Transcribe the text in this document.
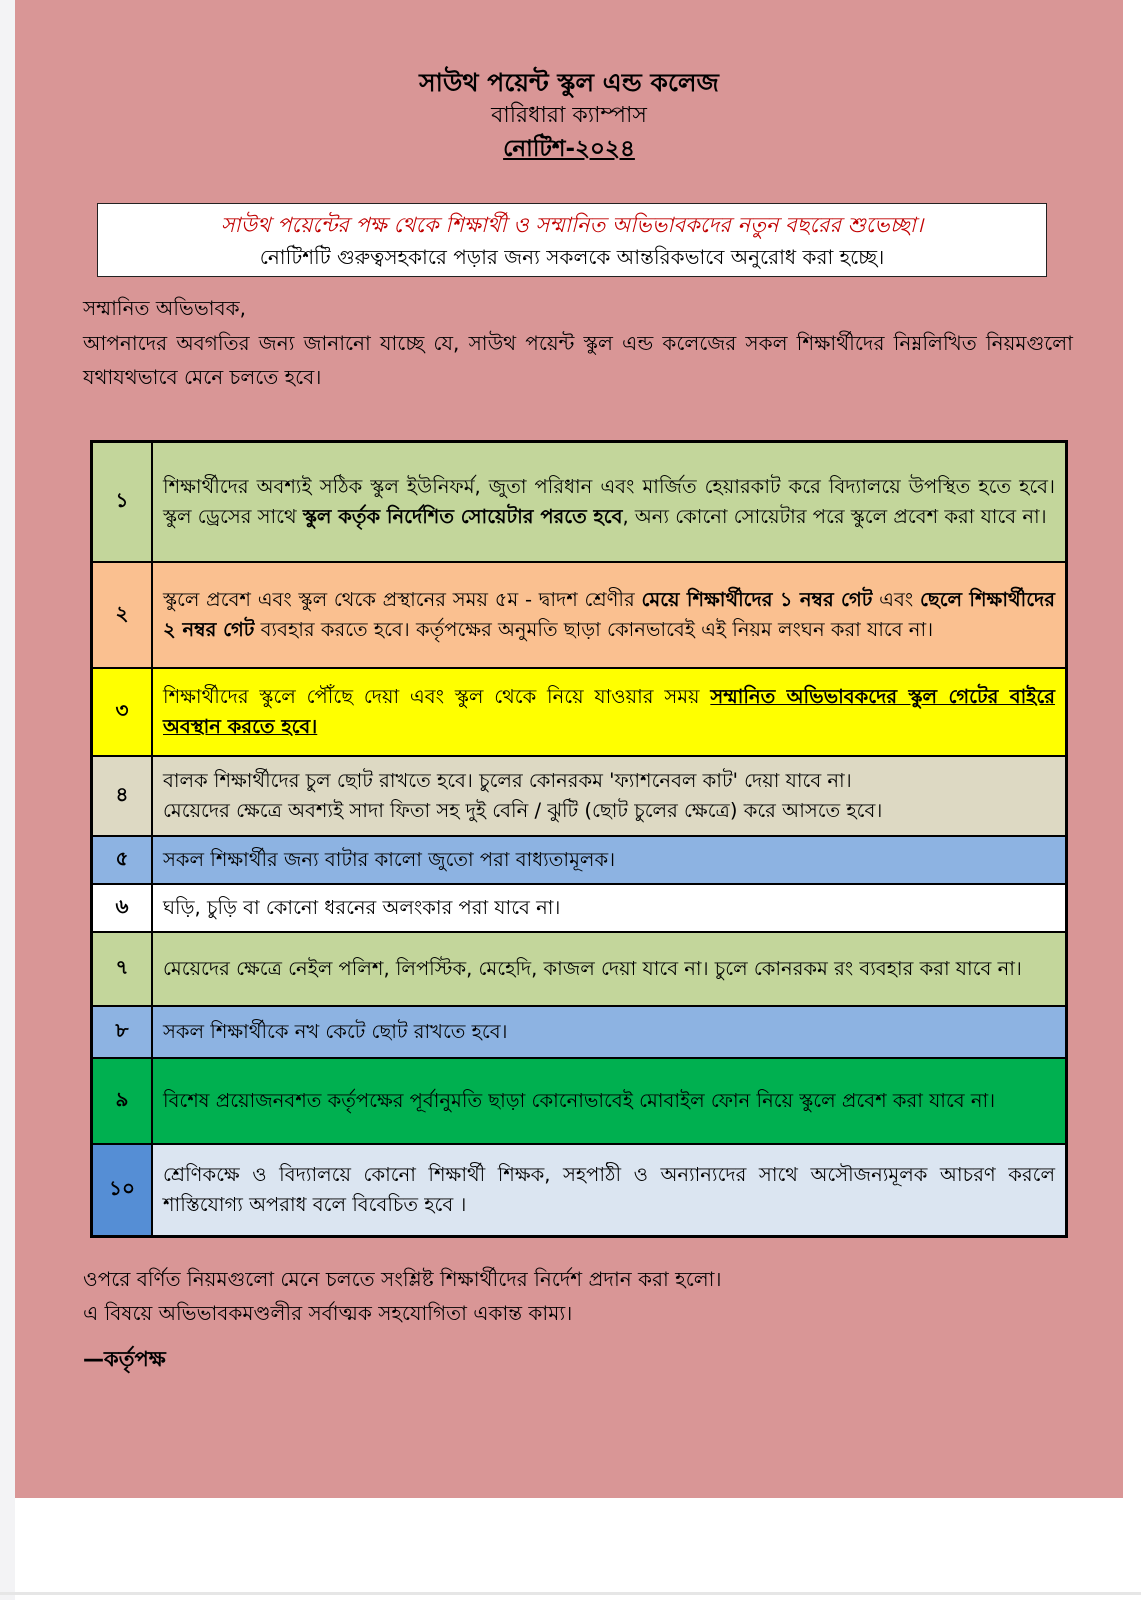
সাউথ পয়েন্ট স্কুল এন্ড কলেজ
বারিধারা ক্যাম্পাস
নোটিশ-২০২৪
সাউথ পয়েন্টের পক্ষ থেকে শিক্ষার্থী ও সম্মানিত অভিভাবকদের নতুন বছরের শুভেচ্ছা।
নোটিশটি গুরুত্বসহকারে পড়ার জন্য সকলকে আন্তরিকভাবে অনুরোধ করা হচ্ছে।
সম্মানিত অভিভাবক,
আপনাদের অবগতির জন্য জানানো যাচ্ছে যে, সাউথ পয়েন্ট স্কুল এন্ড কলেজের সকল শিক্ষার্থীদের নিম্নলিখিত নিয়মগুলো যথাযথভাবে মেনে চলতে হবে।
১	শিক্ষার্থীদের অবশ্যই সঠিক স্কুল ইউনিফর্ম, জুতা পরিধান এবং মার্জিত হেয়ারকাট করে বিদ্যালয়ে উপস্থিত হতে হবে। স্কুল ড্রেসের সাথে স্কুল কর্তৃক নির্দেশিত সোয়েটার পরতে হবে, অন্য কোনো সোয়েটার পরে স্কুলে প্রবেশ করা যাবে না।
২	স্কুলে প্রবেশ এবং স্কুল থেকে প্রস্থানের সময় ৫ম - দ্বাদশ শ্রেণীর মেয়ে শিক্ষার্থীদের ১ নম্বর গেট এবং ছেলে শিক্ষার্থীদের ২ নম্বর গেট ব্যবহার করতে হবে। কর্তৃপক্ষের অনুমতি ছাড়া কোনভাবেই এই নিয়ম লংঘন করা যাবে না।
৩	শিক্ষার্থীদের স্কুলে পৌঁছে দেয়া এবং স্কুল থেকে নিয়ে যাওয়ার সময় সম্মানিত অভিভাবকদের স্কুল গেটের বাইরে অবস্থান করতে হবে।
৪	বালক শিক্ষার্থীদের চুল ছোট রাখতে হবে। চুলের কোনরকম 'ফ্যাশনেবল কাট' দেয়া যাবে না।
মেয়েদের ক্ষেত্রে অবশ্যই সাদা ফিতা সহ দুই বেনি / ঝুটি (ছোট চুলের ক্ষেত্রে) করে আসতে হবে।

৫	সকল শিক্ষার্থীর জন্য বাটার কালো জুতো পরা বাধ্যতামূলক।
৬	ঘড়ি, চুড়ি বা কোনো ধরনের অলংকার পরা যাবে না।
৭	মেয়েদের ক্ষেত্রে নেইল পলিশ, লিপস্টিক, মেহেদি, কাজল দেয়া যাবে না। চুলে কোনরকম রং ব্যবহার করা যাবে না।
৮	সকল শিক্ষার্থীকে নখ কেটে ছোট রাখতে হবে।
৯	বিশেষ প্রয়োজনবশত কর্তৃপক্ষের পূর্বানুমতি ছাড়া কোনোভাবেই মোবাইল ফোন নিয়ে স্কুলে প্রবেশ করা যাবে না।
১০	শ্রেণিকক্ষে ও বিদ্যালয়ে কোনো শিক্ষার্থী শিক্ষক, সহপাঠী ও অন্যান্যদের সাথে অসৌজন্যমূলক আচরণ করলে শাস্তিযোগ্য অপরাধ বলে বিবেচিত হবে ।
ওপরে বর্ণিত নিয়মগুলো মেনে চলতে সংশ্লিষ্ট শিক্ষার্থীদের নির্দেশ প্রদান করা হলো।
এ বিষয়ে অভিভাবকমণ্ডলীর সর্বাত্মক সহযোগিতা একান্ত কাম্য।
—কর্তৃপক্ষ
